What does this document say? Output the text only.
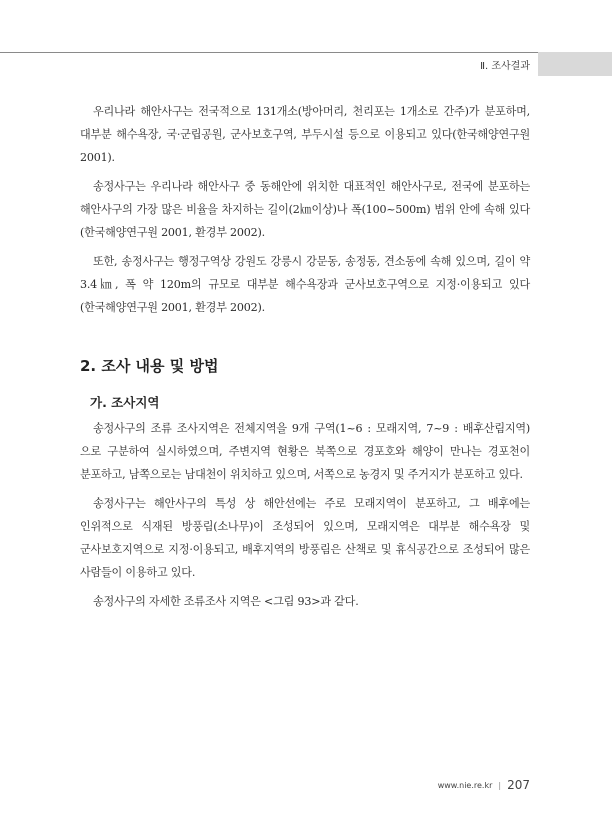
Ⅱ. 조사결과

우리나라 해안사구는 전국적으로 131개소(방아머리, 천리포는 1개소로 간주)가 분포하며, 대부분 해수욕장, 국·군립공원, 군사보호구역, 부두시설 등으로 이용되고 있다(한국해양연구원 2001).

송정사구는 우리나라 해안사구 중 동해안에 위치한 대표적인 해안사구로, 전국에 분포하는 해안사구의 가장 많은 비율을 차지하는 길이(2㎞이상)나 폭(100~500m) 범위 안에 속해 있다(한국해양연구원 2001, 환경부 2002).

또한, 송정사구는 행정구역상 강원도 강릉시 강문동, 송정동, 견소동에 속해 있으며, 길이 약 3.4㎞, 폭 약 120m의 규모로 대부분 해수욕장과 군사보호구역으로 지정·이용되고 있다(한국해양연구원 2001, 환경부 2002).

2. 조사 내용 및 방법
가. 조사지역

송정사구의 조류 조사지역은 전체지역을 9개 구역(1~6 : 모래지역, 7~9 : 배후산림지역)으로 구분하여 실시하였으며, 주변지역 현황은 북쪽으로 경포호와 해양이 만나는 경포천이 분포하고, 남쪽으로는 남대천이 위치하고 있으며, 서쪽으로 농경지 및 주거지가 분포하고 있다.

송정사구는 해안사구의 특성 상 해안선에는 주로 모래지역이 분포하고, 그 배후에는 인위적으로 식재된 방풍림(소나무)이 조성되어 있으며, 모래지역은 대부분 해수욕장 및 군사보호지역으로 지정·이용되고, 배후지역의 방풍림은 산책로 및 휴식공간으로 조성되어 많은 사람들이 이용하고 있다.

송정사구의 자세한 조류조사 지역은 <그림 93>과 같다.

www.nie.re.kr | 207
